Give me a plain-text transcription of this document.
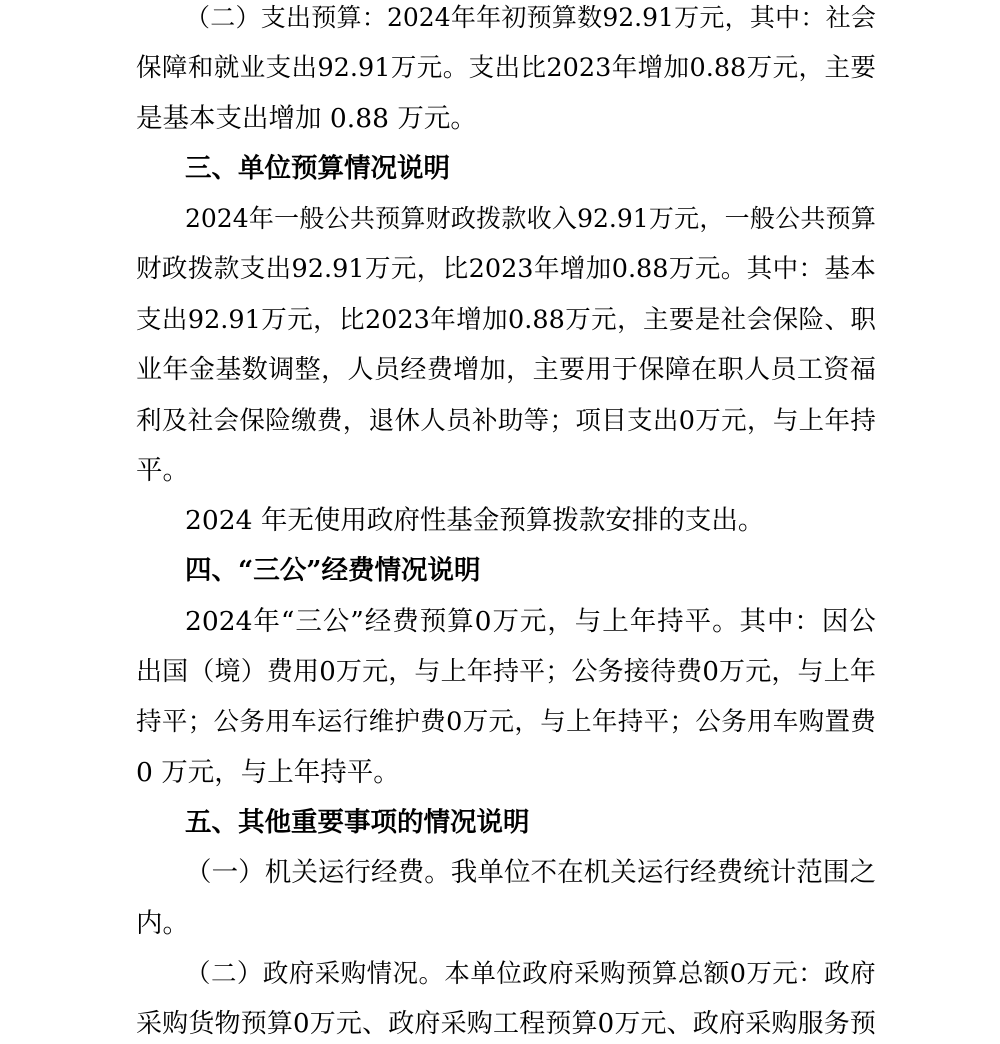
（ 二 ） 支 出 预 算 ： 2024 年 年 初 预 算 数 92.91 万 元 ， 其 中 ： 社 会
保 障 和 就 业 支 出 92.91 万 元 。 支 出 比 2023 年 增 加 0.88 万 元 ， 主 要
是基本支出增加 0.88 万元。
三、单位预算情况说明
2024 年 一 般 公 共 预 算 财 政 拨 款 收 入 92.91 万 元 ， 一 般 公 共 预 算
财 政 拨 款 支 出 92.91 万 元 ， 比 2023 年 增 加 0.88 万 元 。 其 中 ： 基 本
支 出 92.91 万 元 ， 比 2023 年 增 加 0.88 万 元 ， 主 要 是 社 会 保 险 、 职
业 年 金 基 数 调 整 ， 人 员 经 费 增 加 ， 主 要 用 于 保 障 在 职 人 员 工 资 福
利 及 社 会 保 险 缴 费 ， 退 休 人 员 补 助 等 ； 项 目 支 出 0 万 元 ， 与 上 年 持
平。
2024 年无使用政府性基金预算拨款安排的支出。
四、“三公”经费情况说明
2024 年 “ 三 公 ” 经 费 预 算 0 万 元 ， 与 上 年 持 平 。 其 中 ： 因 公
出 国 （ 境 ） 费 用 0 万 元 ， 与 上 年 持 平 ； 公 务 接 待 费 0 万 元 ， 与 上 年
持 平 ； 公 务 用 车 运 行 维 护 费 0 万 元 ， 与 上 年 持 平 ； 公 务 用 车 购 置 费
0 万元，与上年持平。
五、其他重要事项的情况说明
（ 一 ） 机 关 运 行 经 费 。 我 单 位 不 在 机 关 运 行 经 费 统 计 范 围 之
内。
（ 二 ） 政 府 采 购 情 况 。 本 单 位 政 府 采 购 预 算 总 额 0 万 元 ： 政 府
采 购 货 物 预 算 0 万 元 、 政 府 采 购 工 程 预 算 0 万 元 、 政 府 采 购 服 务 预
